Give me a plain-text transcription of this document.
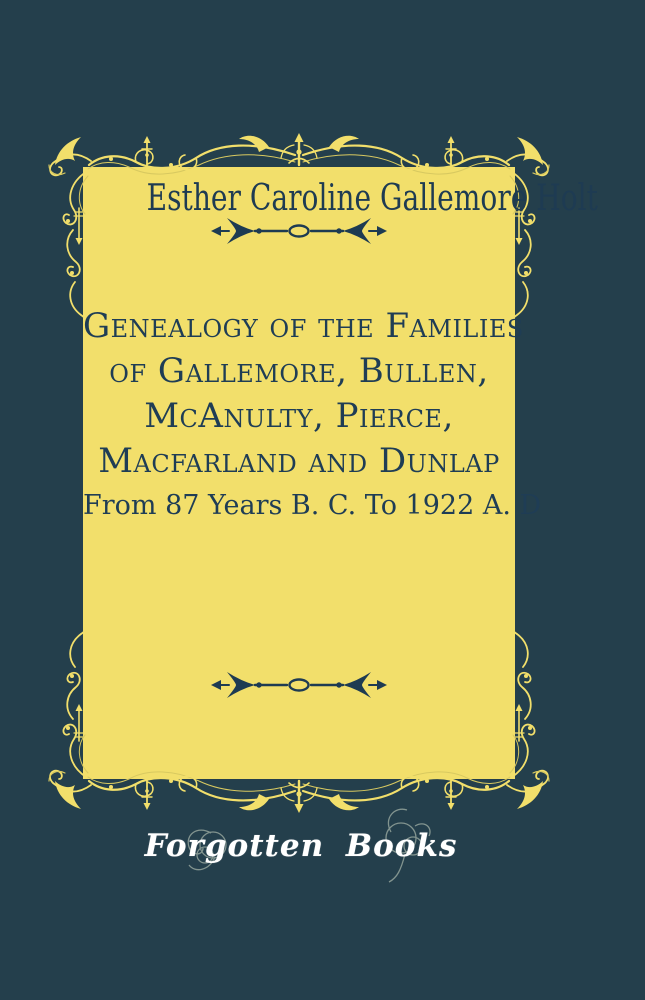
Esther Caroline Gallemore Holt
Genealogy of the Families
of Gallemore, Bullen,
McAnulty, Pierce,
Macfarland and Dunlap
From 87 Years B. C. To 1922 A. D
Forgotten Books
